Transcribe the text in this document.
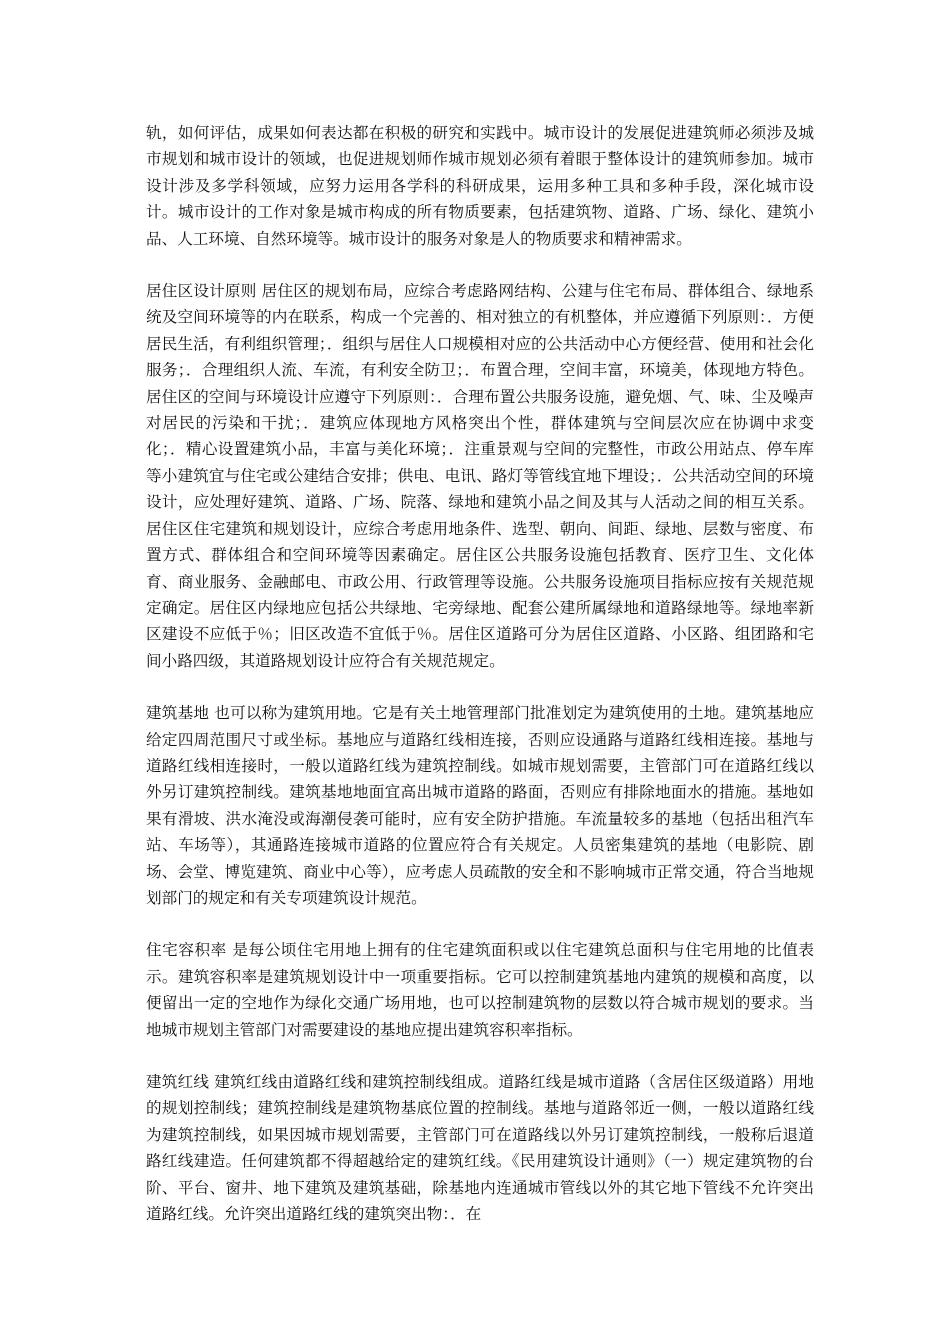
轨，如何评估，成果如何表达都在积极的研究和实践中。城市设计的发展促进建筑师必须涉及城市规划和城市设计的领域，也促进规划师作城市规划必须有着眼于整体设计的建筑师参加。城市设计涉及多学科领域，应努力运用各学科的科研成果，运用多种工具和多种手段，深化城市设计。城市设计的工作对象是城市构成的所有物质要素，包括建筑物、道路、广场、绿化、建筑小品、人工环境、自然环境等。城市设计的服务对象是人的物质要求和精神需求。

居住区设计原则 居住区的规划布局，应综合考虑路网结构、公建与住宅布局、群体组合、绿地系统及空间环境等的内在联系，构成一个完善的、相对独立的有机整体，并应遵循下列原则：．方便居民生活，有利组织管理；．组织与居住人口规模相对应的公共活动中心方便经营、使用和社会化服务；．合理组织人流、车流，有利安全防卫；．布置合理，空间丰富，环境美，体现地方特色。居住区的空间与环境设计应遵守下列原则：．合理布置公共服务设施，避免烟、气、味、尘及噪声对居民的污染和干扰；．建筑应体现地方风格突出个性，群体建筑与空间层次应在协调中求变化；．精心设置建筑小品，丰富与美化环境；．注重景观与空间的完整性，市政公用站点、停车库等小建筑宜与住宅或公建结合安排；供电、电讯、路灯等管线宜地下埋设；．公共活动空间的环境设计，应处理好建筑、道路、广场、院落、绿地和建筑小品之间及其与人活动之间的相互关系。居住区住宅建筑和规划设计，应综合考虑用地条件、选型、朝向、间距、绿地、层数与密度、布置方式、群体组合和空间环境等因素确定。居住区公共服务设施包括教育、医疗卫生、文化体育、商业服务、金融邮电、市政公用、行政管理等设施。公共服务设施项目指标应按有关规范规定确定。居住区内绿地应包括公共绿地、宅旁绿地、配套公建所属绿地和道路绿地等。绿地率新区建设不应低于％；旧区改造不宜低于％。居住区道路可分为居住区道路、小区路、组团路和宅间小路四级，其道路规划设计应符合有关规范规定。

建筑基地 也可以称为建筑用地。它是有关土地管理部门批准划定为建筑使用的土地。建筑基地应给定四周范围尺寸或坐标。基地应与道路红线相连接，否则应设通路与道路红线相连接。基地与道路红线相连接时，一般以道路红线为建筑控制线。如城市规划需要，主管部门可在道路红线以外另订建筑控制线。建筑基地地面宜高出城市道路的路面，否则应有排除地面水的措施。基地如果有滑坡、洪水淹没或海潮侵袭可能时，应有安全防护措施。车流量较多的基地（包括出租汽车站、车场等），其通路连接城市道路的位置应符合有关规定。人员密集建筑的基地（电影院、剧场、会堂、博览建筑、商业中心等），应考虑人员疏散的安全和不影响城市正常交通，符合当地规划部门的规定和有关专项建筑设计规范。

住宅容积率 是每公顷住宅用地上拥有的住宅建筑面积或以住宅建筑总面积与住宅用地的比值表示。建筑容积率是建筑规划设计中一项重要指标。它可以控制建筑基地内建筑的规模和高度，以便留出一定的空地作为绿化交通广场用地，也可以控制建筑物的层数以符合城市规划的要求。当地城市规划主管部门对需要建设的基地应提出建筑容积率指标。

建筑红线 建筑红线由道路红线和建筑控制线组成。道路红线是城市道路（含居住区级道路）用地的规划控制线；建筑控制线是建筑物基底位置的控制线。基地与道路邻近一侧，一般以道路红线为建筑控制线，如果因城市规划需要，主管部门可在道路线以外另订建筑控制线，一般称后退道路红线建造。任何建筑都不得超越给定的建筑红线。《民用建筑设计通则》（一）规定建筑物的台阶、平台、窗井、地下建筑及建筑基础，除基地内连通城市管线以外的其它地下管线不允许突出道路红线。允许突出道路红线的建筑突出物：．在
